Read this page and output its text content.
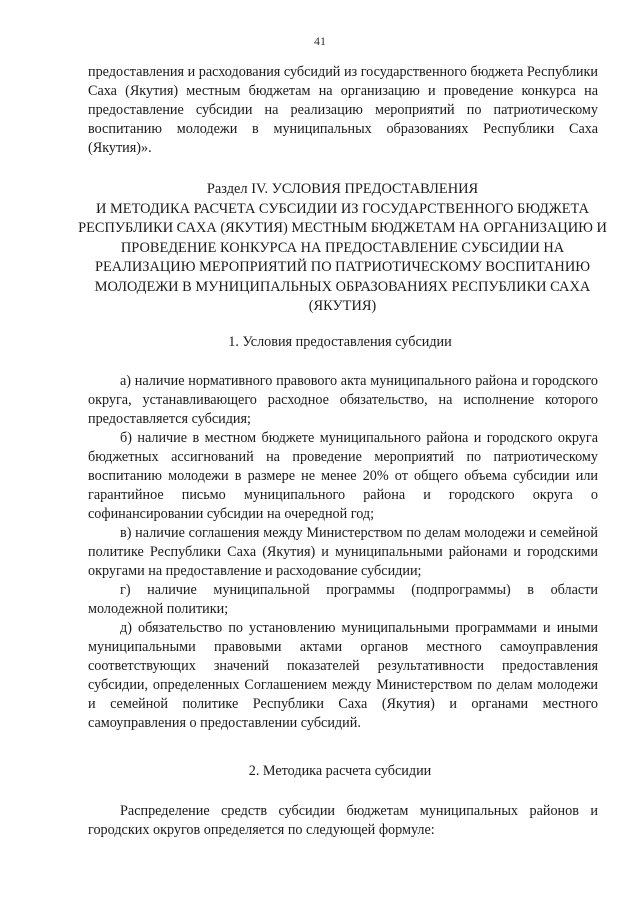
41

предоставления и расходования субсидий из государственного бюджета Республики Саха (Якутия) местным бюджетам на организацию и проведение конкурса на предоставление субсидии на реализацию мероприятий по патриотическому воспитанию молодежи в муниципальных образованиях Республики Саха (Якутия)».

Раздел IV. УСЛОВИЯ ПРЕДОСТАВЛЕНИЯ
И МЕТОДИКА РАСЧЕТА СУБСИДИИ ИЗ ГОСУДАРСТВЕННОГО БЮДЖЕТА РЕСПУБЛИКИ САХА (ЯКУТИЯ) МЕСТНЫМ БЮДЖЕТАМ НА ОРГАНИЗАЦИЮ И ПРОВЕДЕНИЕ КОНКУРСА НА ПРЕДОСТАВЛЕНИЕ СУБСИДИИ НА РЕАЛИЗАЦИЮ МЕРОПРИЯТИЙ ПО ПАТРИОТИЧЕСКОМУ ВОСПИТАНИЮ МОЛОДЕЖИ В МУНИЦИПАЛЬНЫХ ОБРАЗОВАНИЯХ РЕСПУБЛИКИ САХА (ЯКУТИЯ)
1. Условия предоставления субсидии

а) наличие нормативного правового акта муниципального района и городского округа, устанавливающего расходное обязательство, на исполнение которого предоставляется субсидия;

б) наличие в местном бюджете муниципального района и городского округа бюджетных ассигнований на проведение мероприятий по патриотическому воспитанию молодежи в размере не менее 20% от общего объема субсидии или гарантийное письмо муниципального района и городского округа о софинансировании субсидии на очередной год;

в) наличие соглашения между Министерством по делам молодежи и семейной политике Республики Саха (Якутия) и муниципальными районами и городскими округами на предоставление и расходование субсидии;

г) наличие муниципальной программы (подпрограммы) в области молодежной политики;

д) обязательство по установлению муниципальными программами и иными муниципальными правовыми актами органов местного самоуправления соответствующих значений показателей результативности предоставления субсидии, определенных Соглашением между Министерством по делам молодежи и семейной политике Республики Саха (Якутия) и органами местного самоуправления о предоставлении субсидий.

2. Методика расчета субсидии

Распределение средств субсидии бюджетам муниципальных районов и городских округов определяется по следующей формуле:
